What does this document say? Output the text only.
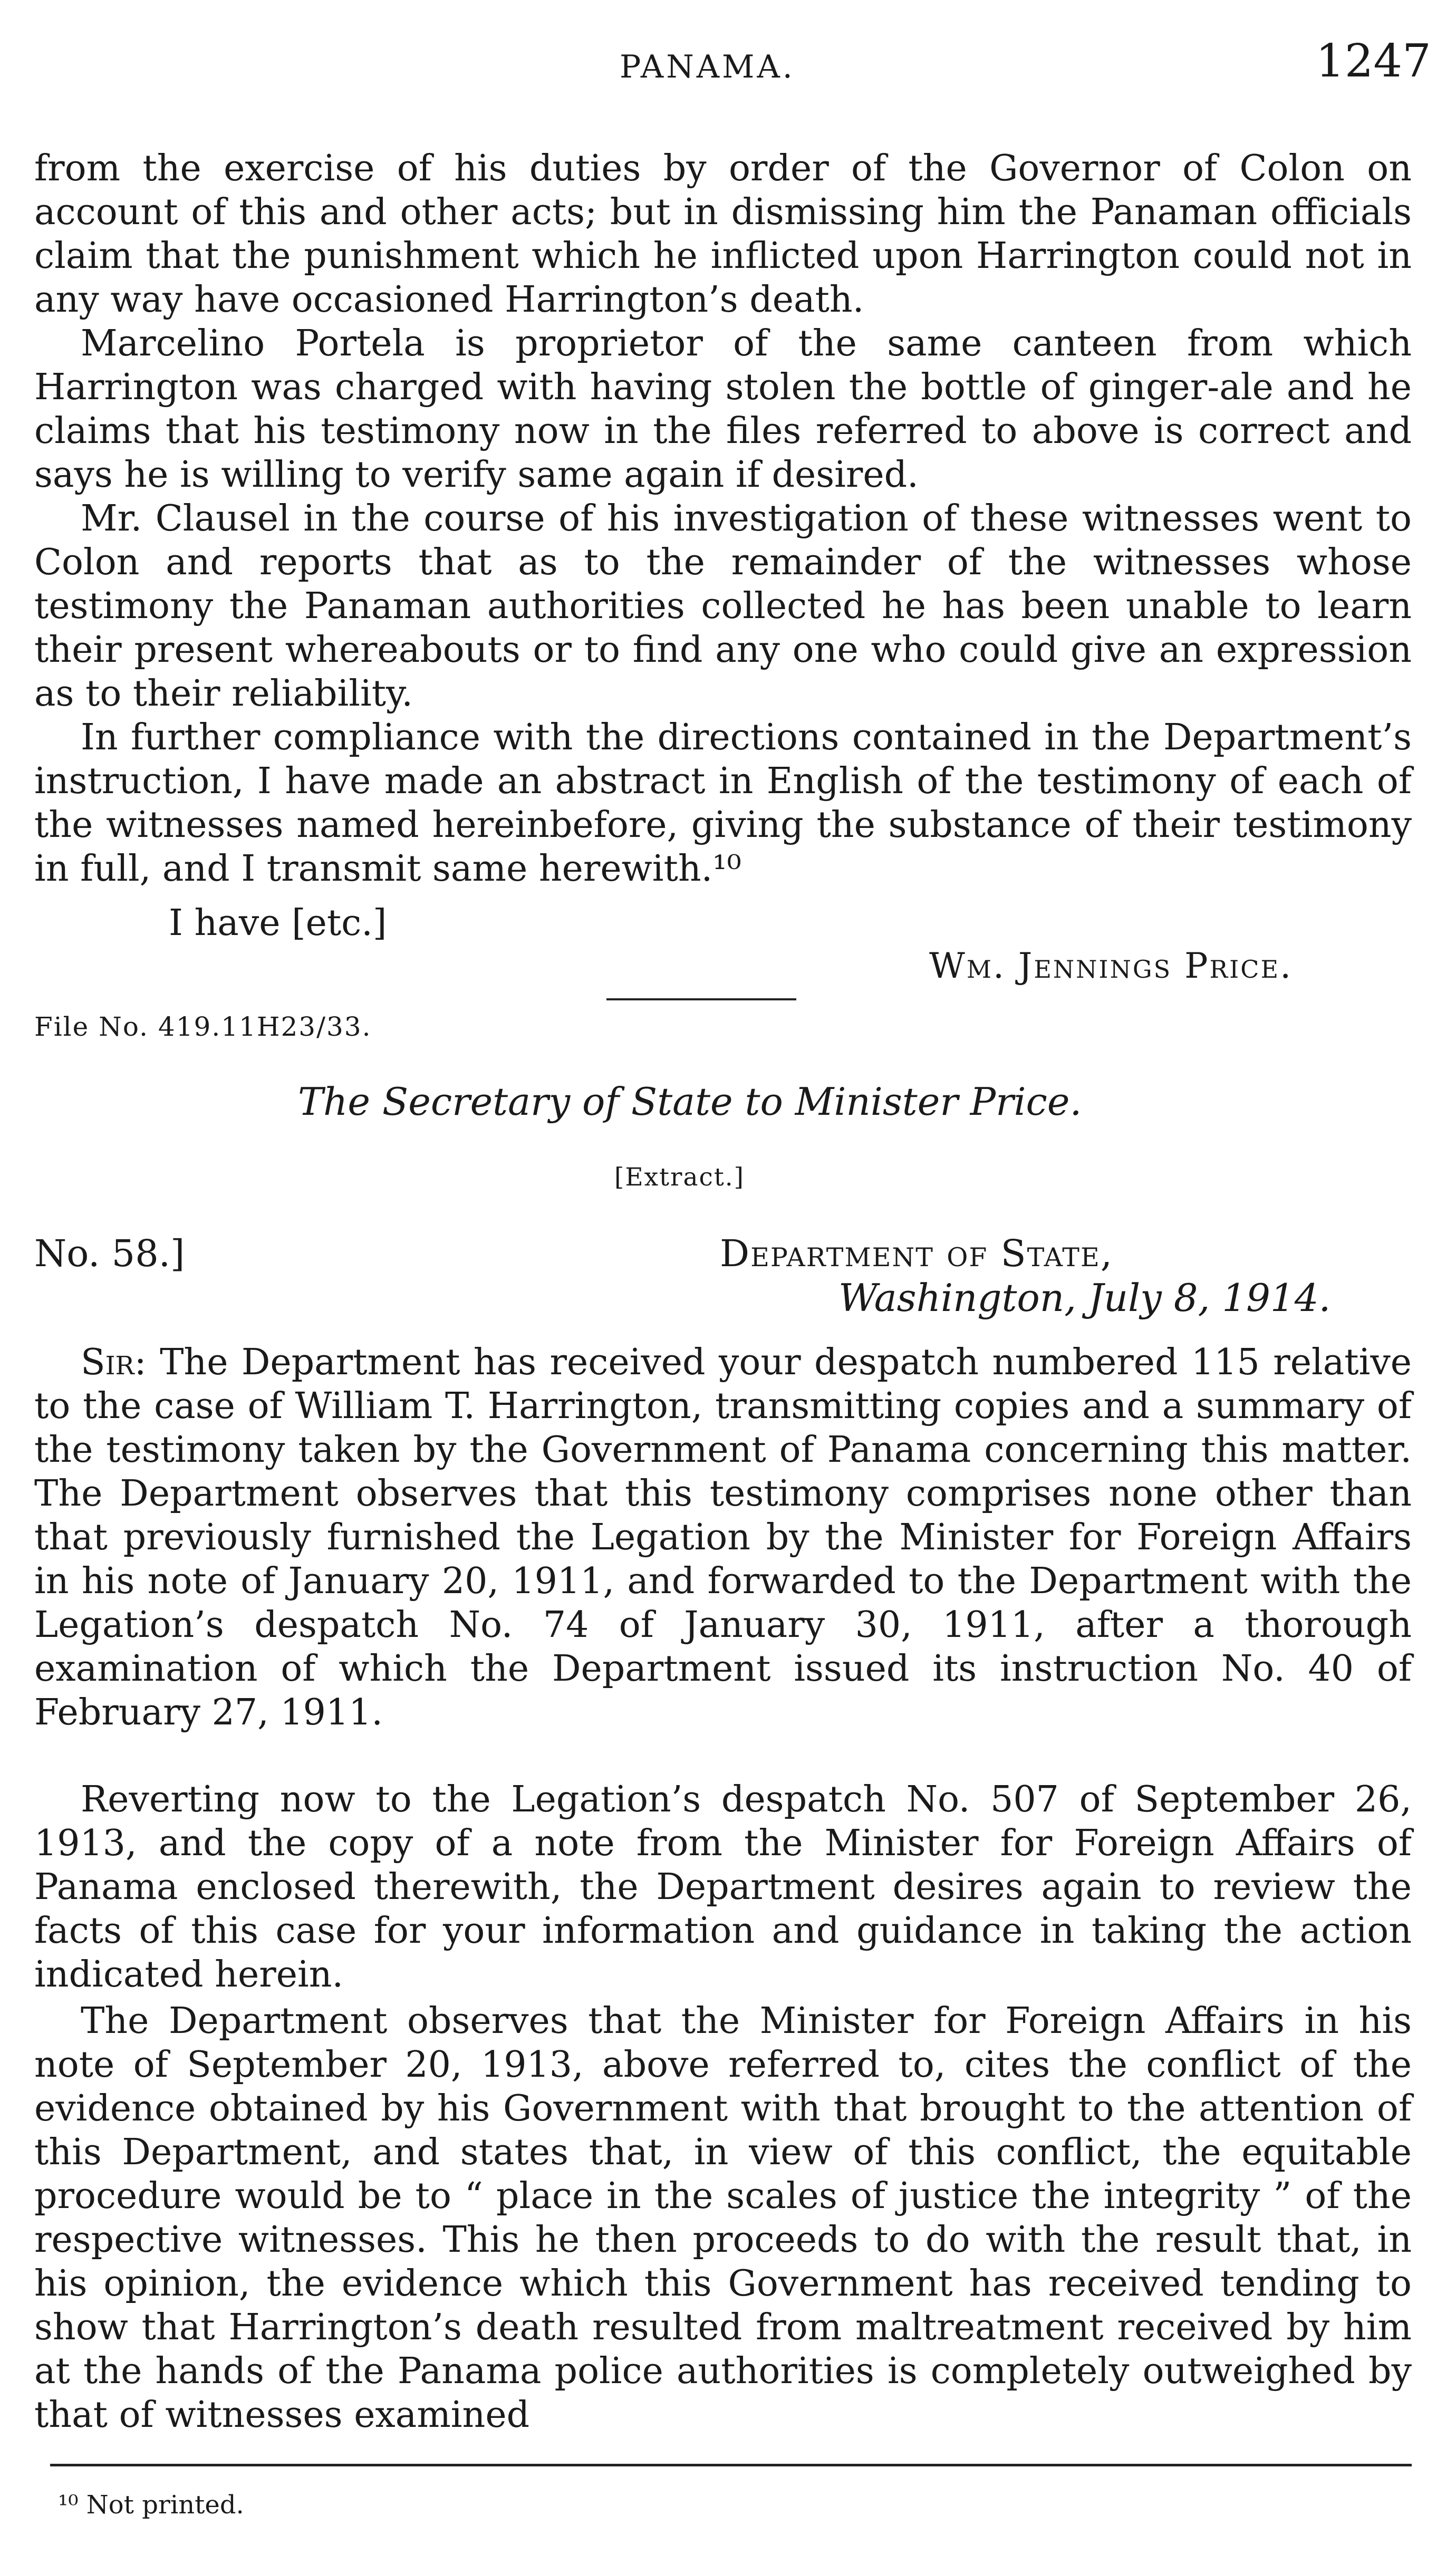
PANAMA.	1247

from the exercise of his duties by order of the Governor of Colon on account of this and other acts; but in dismissing him the Panaman officials claim that the punishment which he inflicted upon Harrington could not in any way have occasioned Harrington’s death.

Marcelino Portela is proprietor of the same canteen from which Harrington was charged with having stolen the bottle of ginger-ale and he claims that his testimony now in the files referred to above is correct and says he is willing to verify same again if desired.

Mr. Clausel in the course of his investigation of these witnesses went to Colon and reports that as to the remainder of the witnesses whose testimony the Panaman authorities collected he has been unable to learn their present whereabouts or to find any one who could give an expression as to their reliability.

In further compliance with the directions contained in the Department’s instruction, I have made an abstract in English of the testimony of each of the witnesses named hereinbefore, giving the substance of their testimony in full, and I transmit same herewith.¹⁰

I have [etc.]
Wm. Jennings Price.
File No. 419.11H23/33.
The Secretary of State to Minister Price.
[Extract.]
No. 58.]	Department of State,
Washington, July 8, 1914.

Sir: The Department has received your despatch numbered 115 relative to the case of William T. Harrington, transmitting copies and a summary of the testimony taken by the Government of Panama concerning this matter. The Department observes that this testimony comprises none other than that previously furnished the Legation by the Minister for Foreign Affairs in his note of January 20, 1911, and forwarded to the Department with the Legation’s despatch No. 74 of January 30, 1911, after a thorough examination of which the Department issued its instruction No. 40 of February 27, 1911.

Reverting now to the Legation’s despatch No. 507 of September 26, 1913, and the copy of a note from the Minister for Foreign Affairs of Panama enclosed therewith, the Department desires again to review the facts of this case for your information and guidance in taking the action indicated herein.

The Department observes that the Minister for Foreign Affairs in his note of September 20, 1913, above referred to, cites the conflict of the evidence obtained by his Government with that brought to the attention of this Department, and states that, in view of this conflict, the equitable procedure would be to “ place in the scales of justice the integrity ” of the respective witnesses. This he then proceeds to do with the result that, in his opinion, the evidence which this Government has received tending to show that Harrington’s death resulted from maltreatment received by him at the hands of the Panama police authorities is completely outweighed by that of witnesses examined

¹⁰ Not printed.
